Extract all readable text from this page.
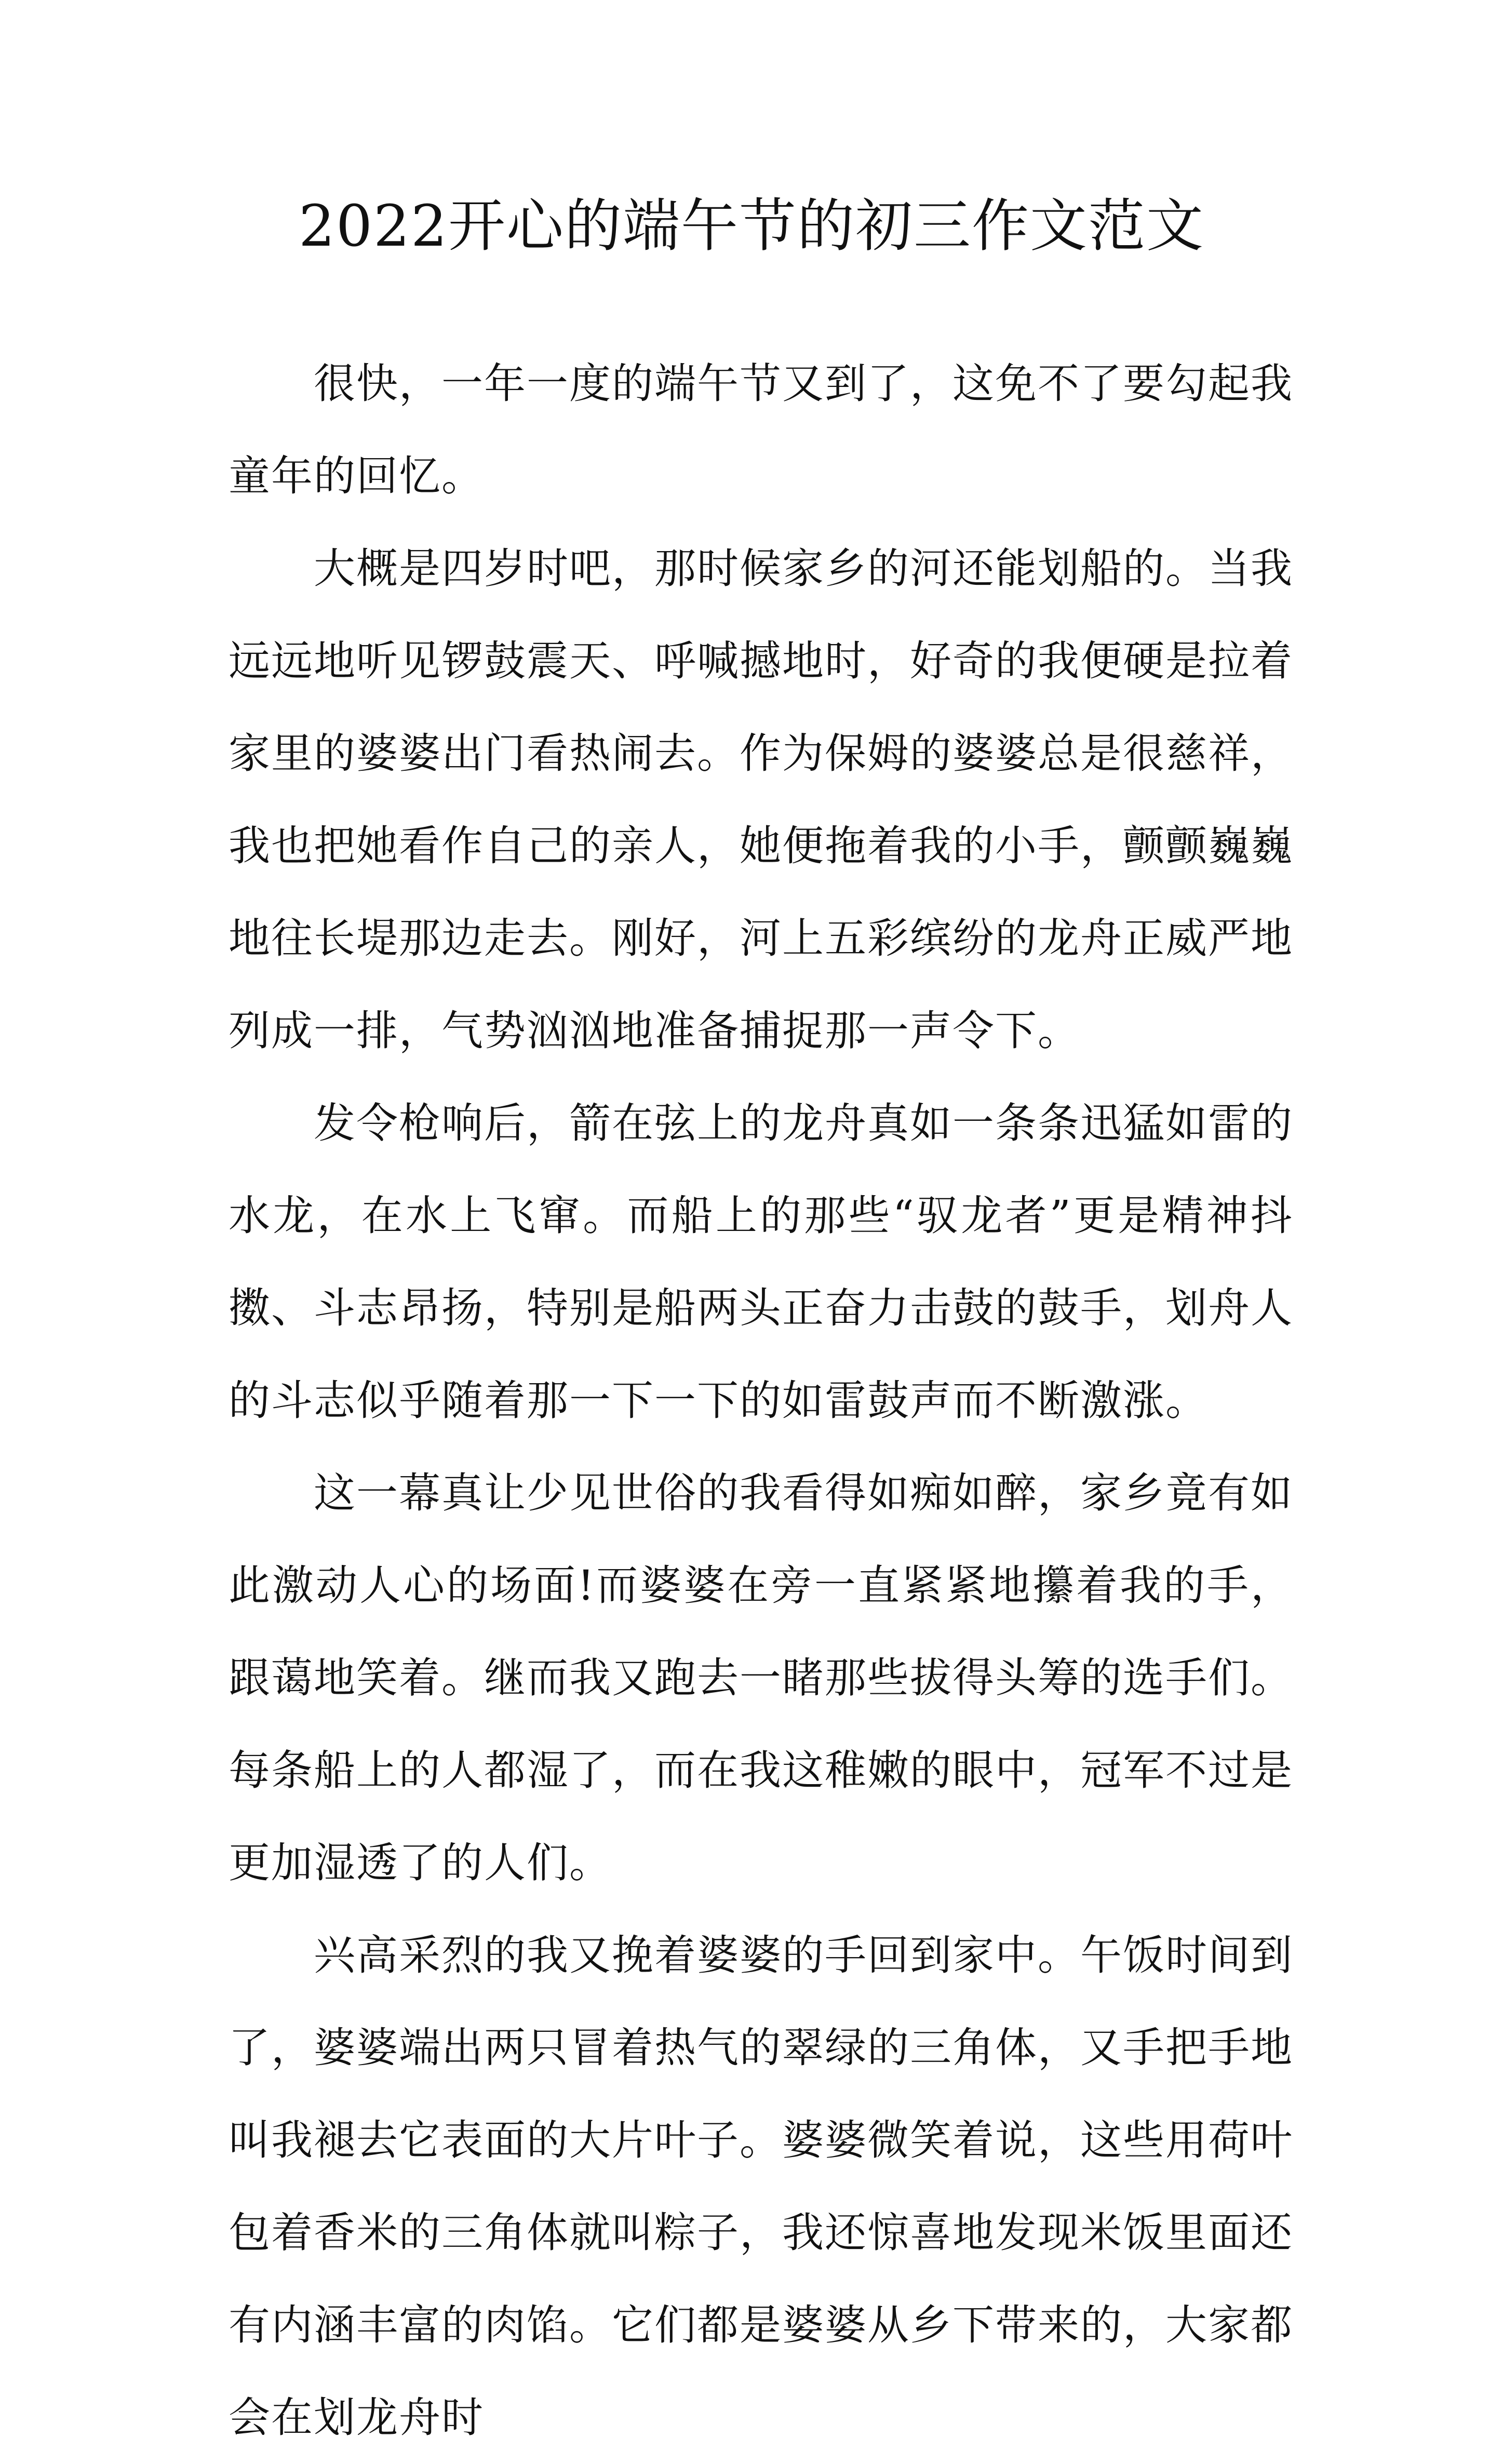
2022开心的端午节的初三作文范文

很快，一年一度的端午节又到了，这免不了要勾起我童年的回忆。

大概是四岁时吧，那时候家乡的河还能划船的。当我远远地听见锣鼓震天、呼喊撼地时，好奇的我便硬是拉着家里的婆婆出门看热闹去。作为保姆的婆婆总是很慈祥，我也把她看作自己的亲人，她便拖着我的小手，颤颤巍巍地往长堤那边走去。刚好，河上五彩缤纷的龙舟正威严地列成一排，气势汹汹地准备捕捉那一声令下。

发令枪响后，箭在弦上的龙舟真如一条条迅猛如雷的水龙，在水上飞窜。而船上的那些“驭龙者”更是精神抖擞、斗志昂扬，特别是船两头正奋力击鼓的鼓手，划舟人的斗志似乎随着那一下一下的如雷鼓声而不断激涨。

这一幕真让少见世俗的我看得如痴如醉，家乡竟有如此激动人心的场面!而婆婆在旁一直紧紧地攥着我的手，跟蔼地笑着。继而我又跑去一睹那些拔得头筹的选手们。每条船上的人都湿了，而在我这稚嫩的眼中，冠军不过是更加湿透了的人们。

兴高采烈的我又挽着婆婆的手回到家中。午饭时间到了，婆婆端出两只冒着热气的翠绿的三角体，又手把手地叫我褪去它表面的大片叶子。婆婆微笑着说，这些用荷叶包着香米的三角体就叫粽子，我还惊喜地发现米饭里面还有内涵丰富的肉馅。它们都是婆婆从乡下带来的，大家都会在划龙舟时
